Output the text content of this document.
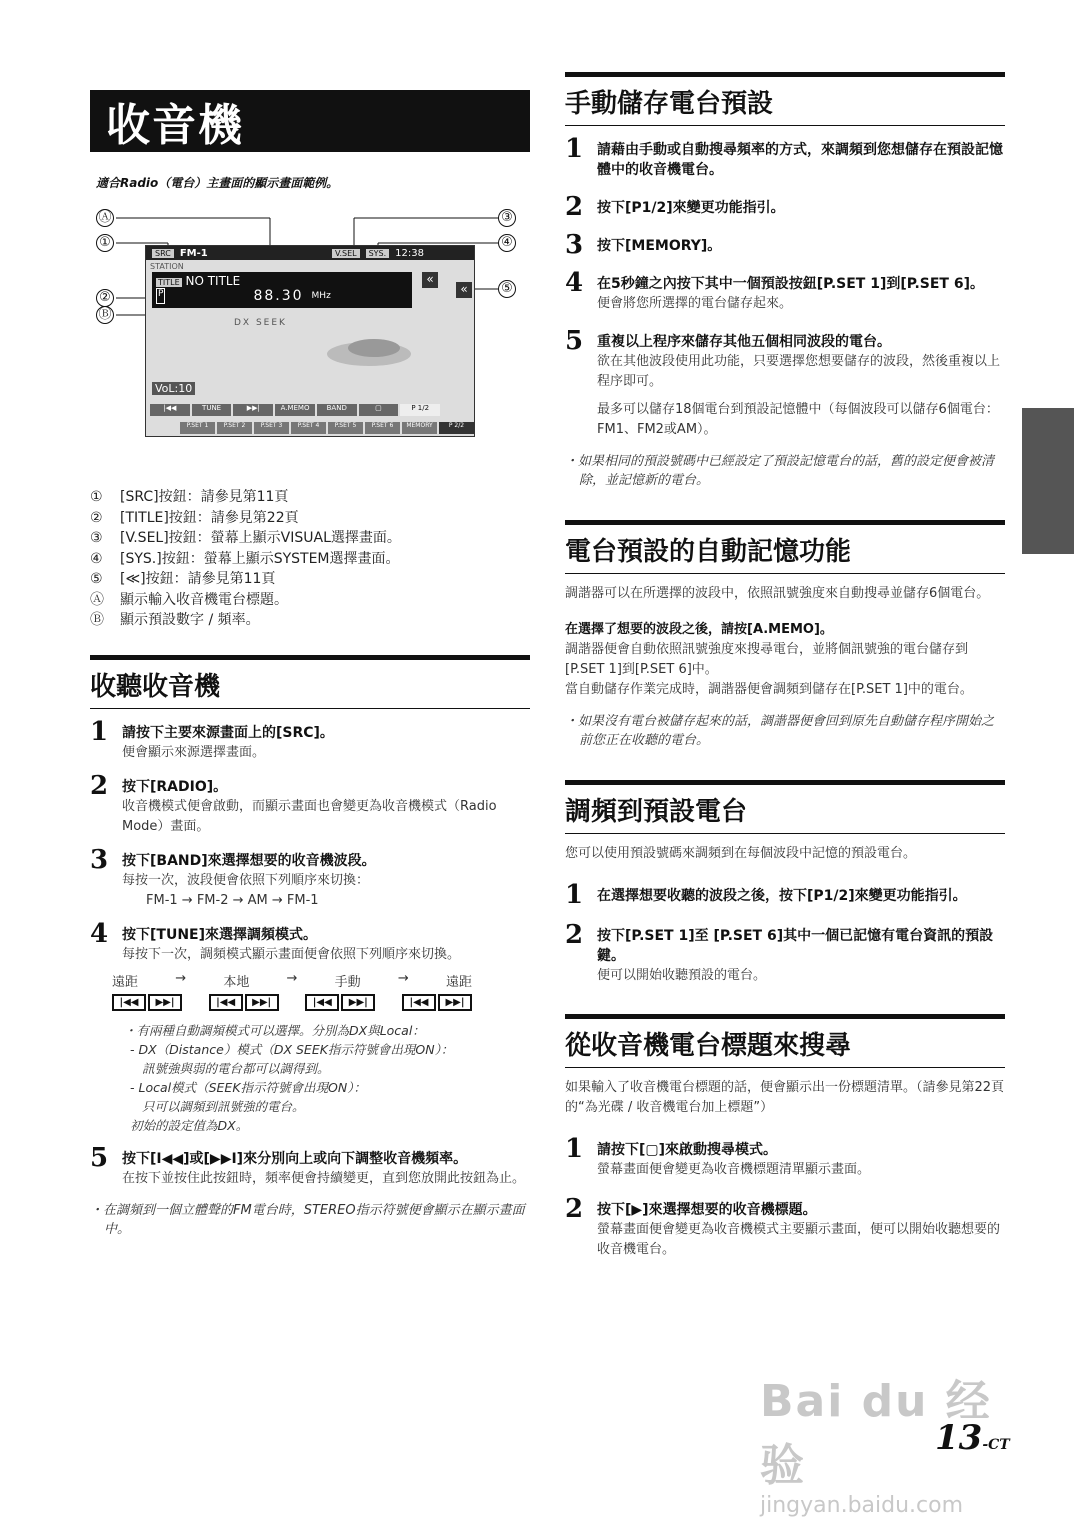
收音機
適合Radio（電台）主畫面的顯示畫面範例。
Ⓐ
①
②
Ⓑ
③
④
⑤
SRC FM-1	V.SEL	SYS. 12:38
STATION
TITLE NO TITLE
P	88.30 MHz
«
«
DX SEEK
VoL:10
|◀◀	TUNE	▶▶|	A.MEMO	BAND	▢	P 1/2
P.SET 1	P.SET 2	P.SET 3	P.SET 4	P.SET 5	P.SET 6	MEMORY	P 2/2
①	[SRC]按鈕：請參見第11頁
②	[TITLE]按鈕：請參見第22頁
③	[V.SEL]按鈕：螢幕上顯示VISUAL選擇畫面。
④	[SYS.]按鈕：螢幕上顯示SYSTEM選擇畫面。
⑤	[≪]按鈕：請參見第11頁
Ⓐ	顯示輸入收音機電台標題。
Ⓑ	顯示預設數字 / 頻率。
收聽收音機
1 請按下主要來源畫面上的[SRC]。
便會顯示來源選擇畫面。
2 按下[RADIO]。
收音機模式便會啟動，而顯示畫面也會變更為收音機模式（Radio Mode）畫面。
3 按下[BAND]來選擇想要的收音機波段。
每按一次，波段便會依照下列順序來切換：
FM-1 → FM-2 → AM → FM-1
4 按下[TUNE]來選擇調頻模式。
每按下一次，調頻模式顯示畫面便會依照下列順序來切換。
遠距	→	本地	→	手動	→	遠距
|◀◀	▶▶|	|◀◀	▶▶|	|◀◀	▶▶|	|◀◀	▶▶|
・有兩種自動調頻模式可以選擇。分別為DX與Local：
- DX（Distance）模式（DX SEEK指示符號會出現ON）：
訊號強與弱的電台都可以調得到。
- Local模式（SEEK指示符號會出現ON）：
只可以調頻到訊號強的電台。
初始的設定值為DX。
5 按下[I◀◀]或[▶▶I]來分別向上或向下調整收音機頻率。
在按下並按住此按鈕時，頻率便會持續變更，直到您放開此按鈕為止。
・在調頻到一個立體聲的FM電台時，STEREO指示符號便會顯示在顯示畫面中。
手動儲存電台預設
1 請藉由手動或自動搜尋頻率的方式，來調頻到您想儲存在預設記憶體中的收音機電台。
2 按下[P1/2]來變更功能指引。
3 按下[MEMORY]。
4 在5秒鐘之內按下其中一個預設按鈕[P.SET 1]到[P.SET 6]。
便會將您所選擇的電台儲存起來。
5 重複以上程序來儲存其他五個相同波段的電台。
欲在其他波段使用此功能，只要選擇您想要儲存的波段，然後重複以上程序即可。
最多可以儲存18個電台到預設記憶體中（每個波段可以儲存6個電台：FM1、FM2或AM）。
・如果相同的預設號碼中已經設定了預設記憶電台的話，舊的設定便會被清除，並記憶新的電台。
電台預設的自動記憶功能
調諧器可以在所選擇的波段中，依照訊號強度來自動搜尋並儲存6個電台。
在選擇了想要的波段之後，請按[A.MEMO]。
調諧器便會自動依照訊號強度來搜尋電台，並將個訊號強的電台儲存到[P.SET 1]到[P.SET 6]中。
當自動儲存作業完成時，調諧器便會調頻到儲存在[P.SET 1]中的電台。
・如果沒有電台被儲存起來的話，調諧器便會回到原先自動儲存程序開始之前您正在收聽的電台。
調頻到預設電台
您可以使用預設號碼來調頻到在每個波段中記憶的預設電台。
1 在選擇想要收聽的波段之後，按下[P1/2]來變更功能指引。
2 按下[P.SET 1]至 [P.SET 6]其中一個已記憶有電台資訊的預設鍵。
便可以開始收聽預設的電台。
從收音機電台標題來搜尋
如果輸入了收音機電台標題的話，便會顯示出一份標題清單。（請參見第22頁的“為光碟 / 收音機電台加上標題”）
1 請按下[▢]來啟動搜尋模式。
螢幕畫面便會變更為收音機標題清單顯示畫面。
2 按下[▶]來選擇想要的收音機標題。
螢幕畫面便會變更為收音機模式主要顯示畫面，便可以開始收聽想要的收音機電台。
Bai du 经验
jingyan.baidu.com
13-CT
